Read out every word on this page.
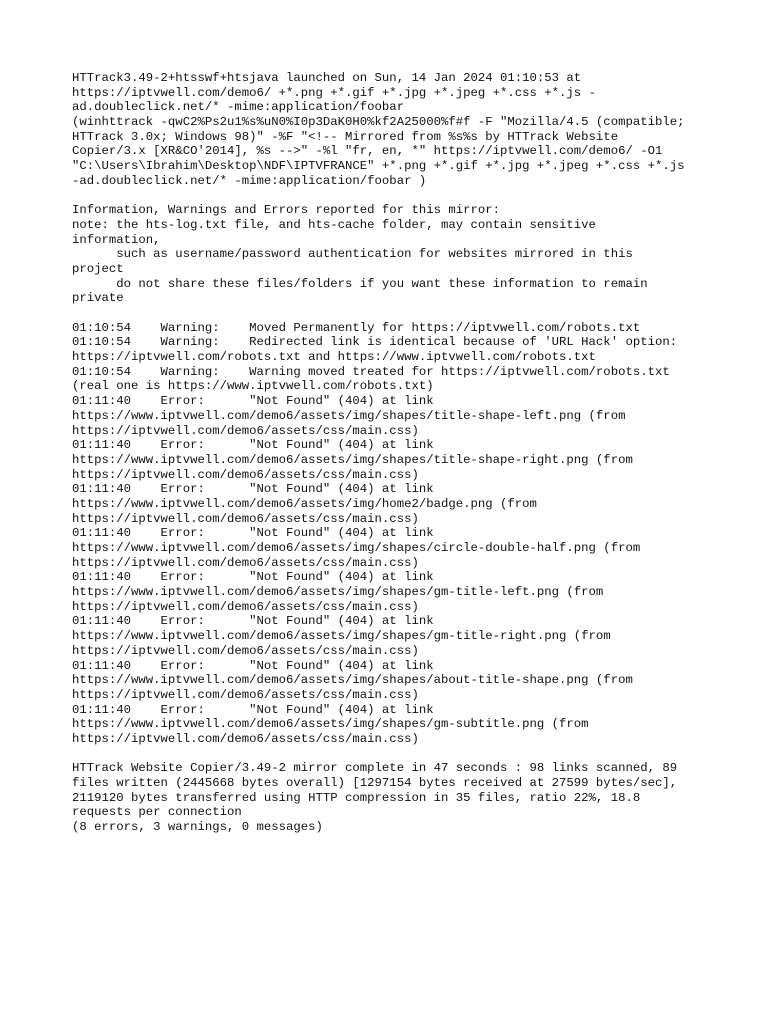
HTTrack3.49-2+htsswf+htsjava launched on Sun, 14 Jan 2024 01:10:53 at
https://iptvwell.com/demo6/ +*.png +*.gif +*.jpg +*.jpeg +*.css +*.js -
ad.doubleclick.net/* -mime:application/foobar
(winhttrack -qwC2%Ps2u1%s%uN0%I0p3DaK0H0%kf2A25000%f#f -F "Mozilla/4.5 (compatible;
HTTrack 3.0x; Windows 98)" -%F "<!-- Mirrored from %s%s by HTTrack Website
Copier/3.x [XR&CO'2014], %s -->" -%l "fr, en, *" https://iptvwell.com/demo6/ -O1
"C:\Users\Ibrahim\Desktop\NDF\IPTVFRANCE" +*.png +*.gif +*.jpg +*.jpeg +*.css +*.js
-ad.doubleclick.net/* -mime:application/foobar )
Information, Warnings and Errors reported for this mirror:
note: the hts-log.txt file, and hts-cache folder, may contain sensitive
information,
such as username/password authentication for websites mirrored in this
project
do not share these files/folders if you want these information to remain
private
01:10:54    Warning:    Moved Permanently for https://iptvwell.com/robots.txt
01:10:54    Warning:    Redirected link is identical because of 'URL Hack' option:
https://iptvwell.com/robots.txt and https://www.iptvwell.com/robots.txt
01:10:54    Warning:    Warning moved treated for https://iptvwell.com/robots.txt
(real one is https://www.iptvwell.com/robots.txt)
01:11:40    Error:      "Not Found" (404) at link
https://www.iptvwell.com/demo6/assets/img/shapes/title-shape-left.png (from
https://iptvwell.com/demo6/assets/css/main.css)
01:11:40    Error:      "Not Found" (404) at link
https://www.iptvwell.com/demo6/assets/img/shapes/title-shape-right.png (from
https://iptvwell.com/demo6/assets/css/main.css)
01:11:40    Error:      "Not Found" (404) at link
https://www.iptvwell.com/demo6/assets/img/home2/badge.png (from
https://iptvwell.com/demo6/assets/css/main.css)
01:11:40    Error:      "Not Found" (404) at link
https://www.iptvwell.com/demo6/assets/img/shapes/circle-double-half.png (from
https://iptvwell.com/demo6/assets/css/main.css)
01:11:40    Error:      "Not Found" (404) at link
https://www.iptvwell.com/demo6/assets/img/shapes/gm-title-left.png (from
https://iptvwell.com/demo6/assets/css/main.css)
01:11:40    Error:      "Not Found" (404) at link
https://www.iptvwell.com/demo6/assets/img/shapes/gm-title-right.png (from
https://iptvwell.com/demo6/assets/css/main.css)
01:11:40    Error:      "Not Found" (404) at link
https://www.iptvwell.com/demo6/assets/img/shapes/about-title-shape.png (from
https://iptvwell.com/demo6/assets/css/main.css)
01:11:40    Error:      "Not Found" (404) at link
https://www.iptvwell.com/demo6/assets/img/shapes/gm-subtitle.png (from
https://iptvwell.com/demo6/assets/css/main.css)
HTTrack Website Copier/3.49-2 mirror complete in 47 seconds : 98 links scanned, 89
files written (2445668 bytes overall) [1297154 bytes received at 27599 bytes/sec],
2119120 bytes transferred using HTTP compression in 35 files, ratio 22%, 18.8
requests per connection
(8 errors, 3 warnings, 0 messages)
